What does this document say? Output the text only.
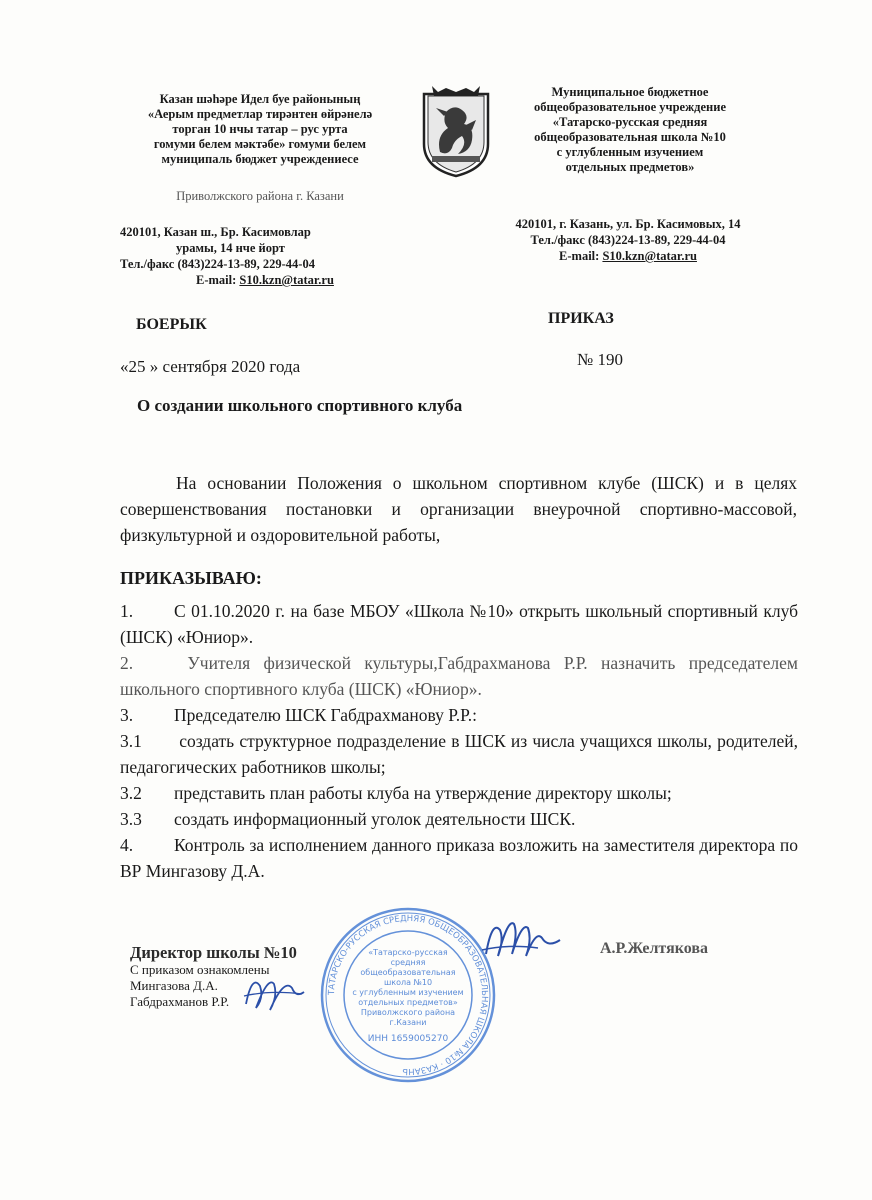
Казан шәһәре Идел буе районының
«Аерым предметлар тирәнтен өйрәнелә
торган 10 нчы татар – рус урта
гомуми белем мәктәбе» гомуми белем
муниципаль бюджет учреждениесе
Приволжского района г. Казани
420101, Казан ш., Бр. Касимовлар
урамы, 14 нче йорт
Тел./факс (843)224-13-89, 229-44-04
E-mail: S10.kzn@tatar.ru
Муниципальное бюджетное
общеобразовательное учреждение
«Татарско-русская средняя
общеобразовательная школа №10
с углубленным изучением
отдельных предметов»
420101, г. Казань, ул. Бр. Касимовых, 14
Тел./факс (843)224-13-89, 229-44-04
E-mail: S10.kzn@tatar.ru
БОЕРЫК	ПРИКАЗ
«25 » сентября 2020 года	№ 190
О создании школьного спортивного клуба

На основании Положения о школьном спортивном клубе (ШСК) и в целях совершенствования постановки и организации внеурочной спортивно-массовой, физкультурной и оздоровительной работы,

ПРИКАЗЫВАЮ:
1. С 01.10.2020 г. на базе МБОУ «Школа №10» открыть школьный спортивный клуб (ШСК) «Юниор».
2. Учителя физической культуры,Габдрахманова Р.Р. назначить председателем школьного спортивного клуба (ШСК) «Юниор».
3. Председателю ШСК Габдрахманову Р.Р.:
3.1 создать структурное подразделение в ШСК из числа учащихся школы, родителей, педагогических работников школы;
3.2 представить план работы клуба на утверждение директору школы;
3.3 создать информационный уголок деятельности ШСК.
4. Контроль за исполнением данного приказа возложить на заместителя директора по ВР Мингазову Д.А.
Директор школы №10	А.Р.Желтякова
С приказом ознакомлены
Мингазова Д.А.
Габдрахманов Р.Р.
ТАТАРСКО-РУССКАЯ СРЕДНЯЯ ОБЩЕОБРАЗОВАТЕЛЬНАЯ ШКОЛА №10 · КАЗАНЬ
«Татарско-русская
средняя
общеобразовательная
школа №10
с углубленным изучением
отдельных предметов»
Приволжского района
г.Казани
ИНН 1659005270
